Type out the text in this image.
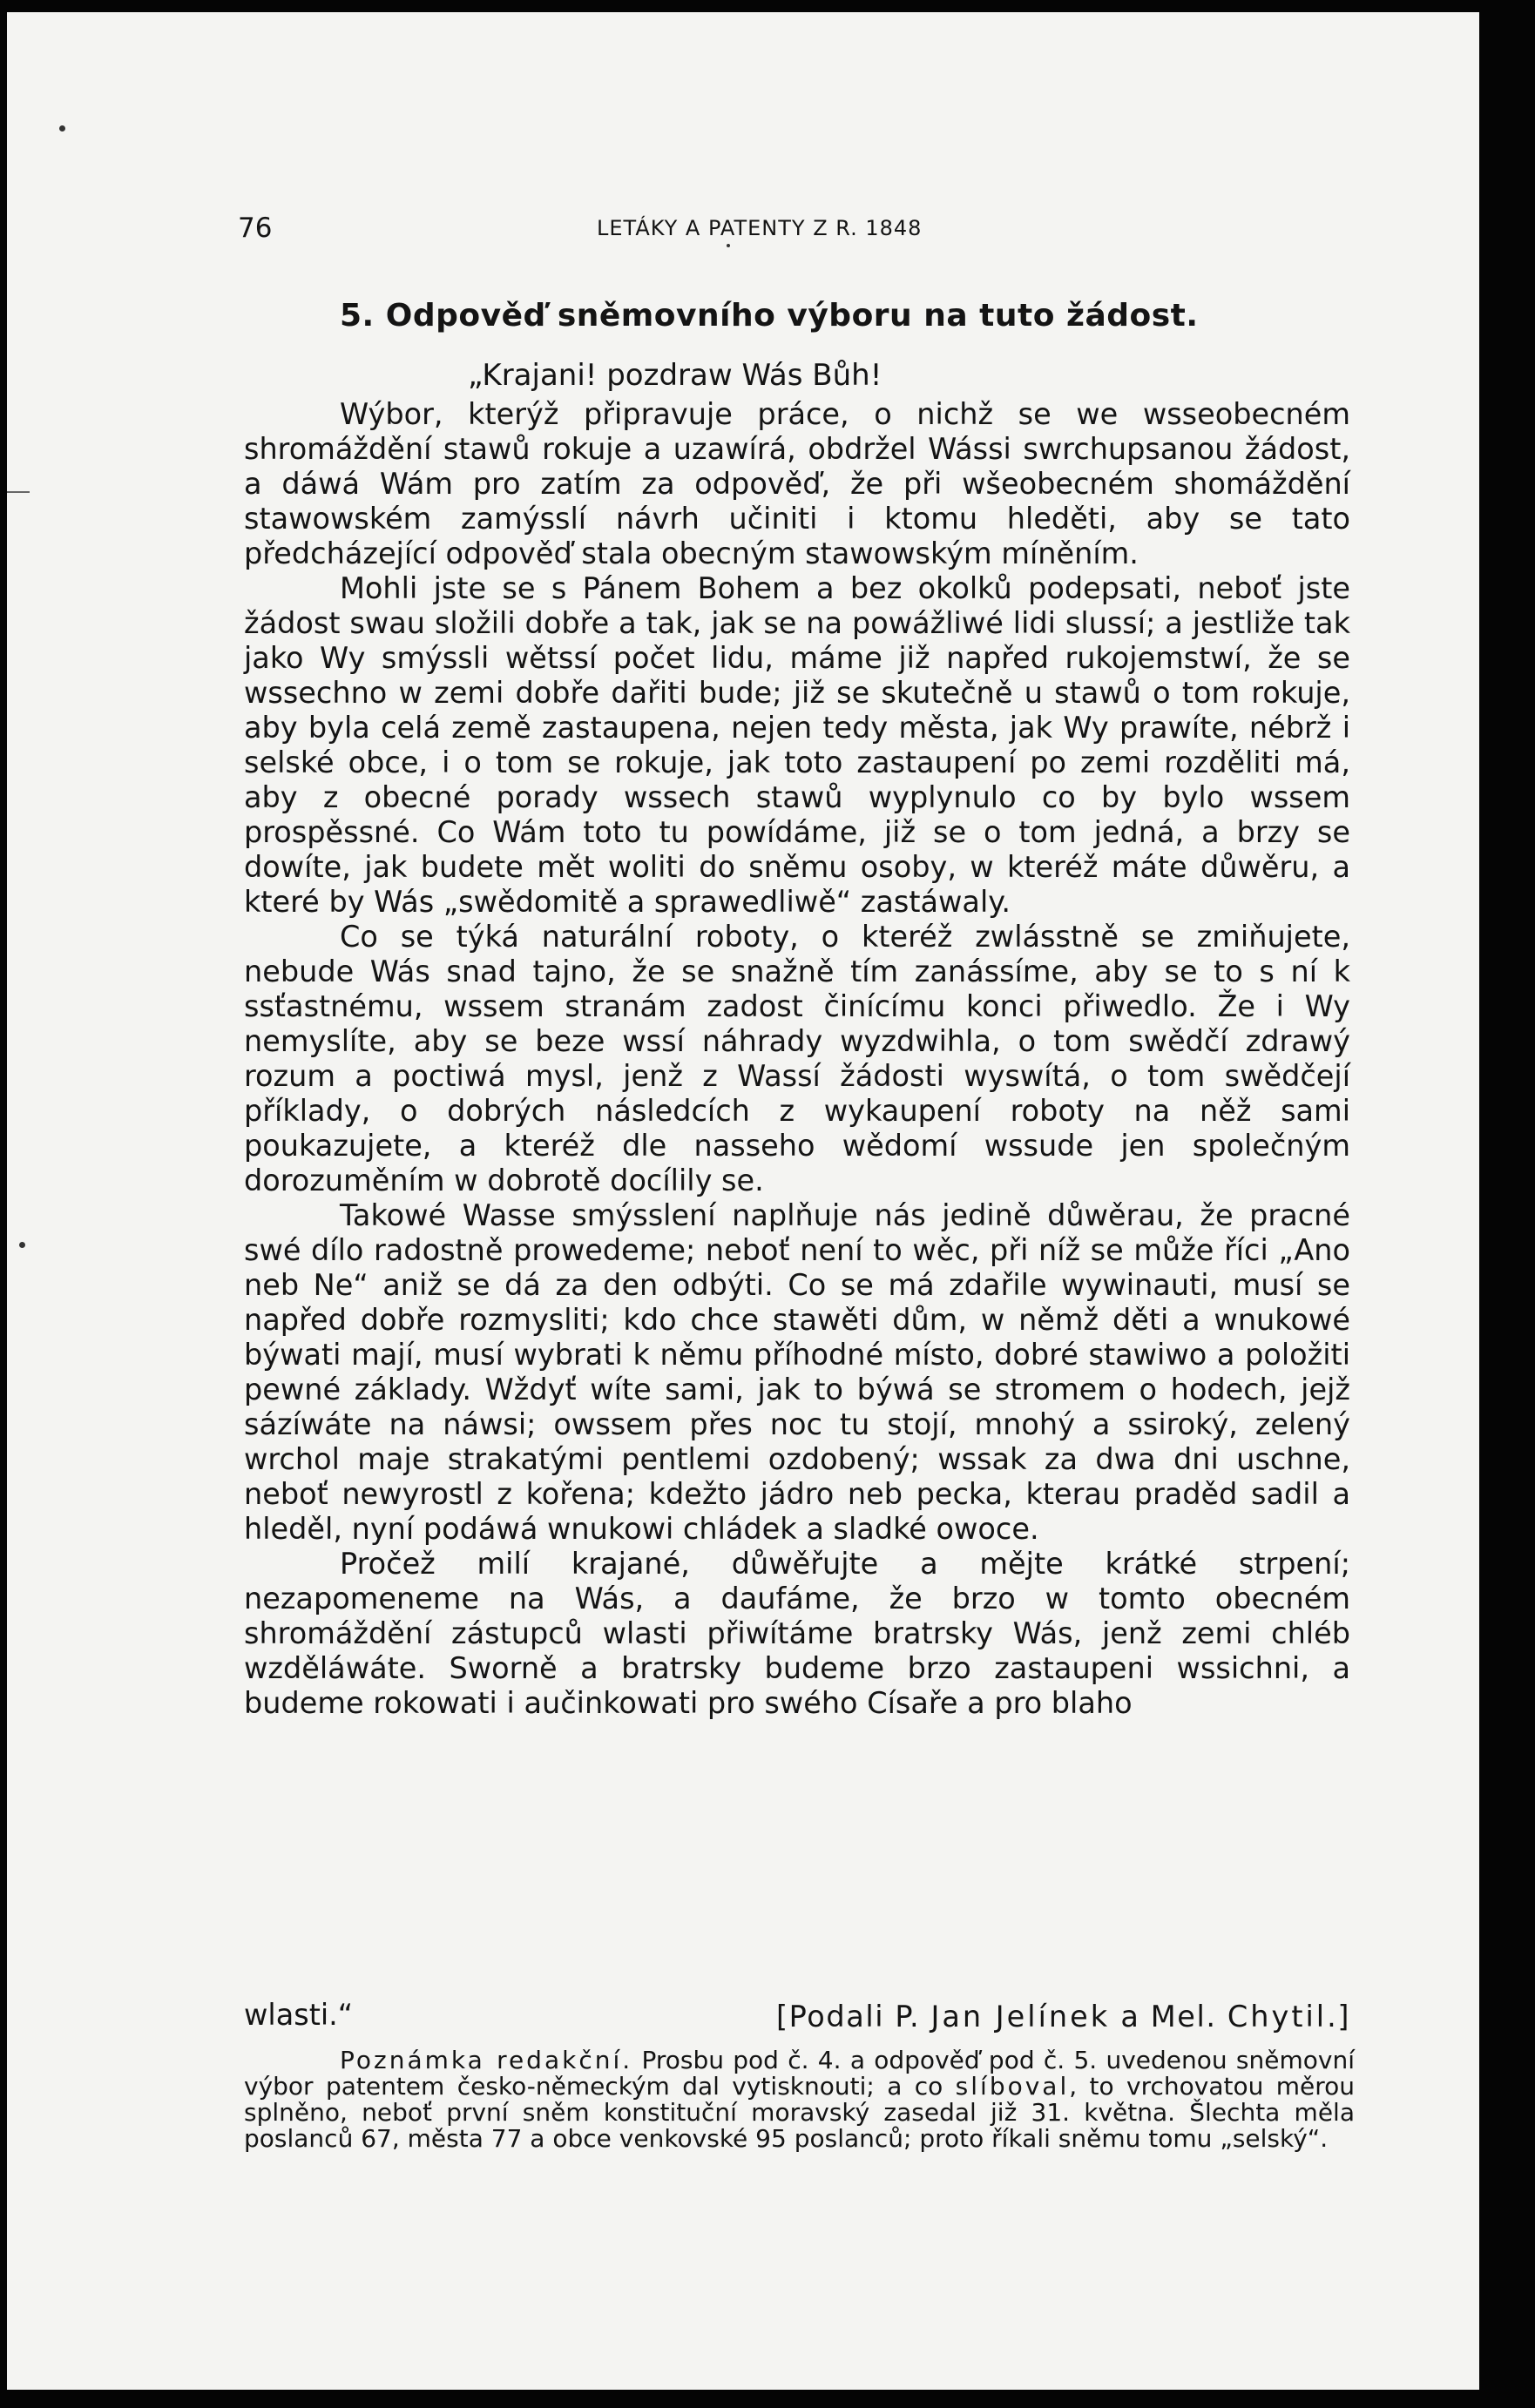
76	LETÁKY A PATENTY Z R. 1848
5. Odpověď sněmovního výboru na tuto žádost.
„Krajani! pozdraw Wás Bůh!

Wýbor, kterýž připravuje práce, o nichž se we wsseobecném shromáždění stawů rokuje a uzawírá, obdržel Wássi swrchupsanou žádost, a dáwá Wám pro zatím za odpověď, že při wšeobecném shomáždění stawowském zamýsslí návrh učiniti i ktomu hleděti, aby se tato předcházející odpověď stala obecným stawowským míněním.

Mohli jste se s Pánem Bohem a bez okolků podepsati, neboť jste žádost swau složili dobře a tak, jak se na powážliwé lidi slussí; a jestliže tak jako Wy smýssli wětssí počet lidu, máme již napřed rukojemstwí, že se wssechno w zemi dobře dařiti bude; již se skutečně u stawů o tom rokuje, aby byla celá země zastaupena, nejen tedy města, jak Wy prawíte, nébrž i selské obce, i o tom se rokuje, jak toto zastaupení po zemi rozděliti má, aby z obecné porady wssech stawů wyplynulo co by bylo wssem prospěssné. Co Wám toto tu powídáme, již se o tom jedná, a brzy se dowíte, jak budete mět woliti do sněmu osoby, w kteréž máte důwěru, a které by Wás „swědomitě a sprawedliwě“ zastáwaly.

Co se týká naturální roboty, o kteréž zwlásstně se zmiňujete, nebude Wás snad tajno, že se snažně tím zanássíme, aby se to s ní k ssťastnému, wssem stranám zadost činícímu konci přiwedlo. Že i Wy nemyslíte, aby se beze wssí náhrady wyzdwihla, o tom swědčí zdrawý rozum a poctiwá mysl, jenž z Wassí žádosti wyswítá, o tom swědčejí příklady, o dobrých následcích z wykaupení roboty na něž sami poukazujete, a kteréž dle nasseho wědomí wssude jen společným dorozuměním w dobrotě docílily se.

Takowé Wasse smýsslení naplňuje nás jedině důwěrau, že pracné swé dílo radostně prowedeme; neboť není to wěc, při níž se může říci „Ano neb Ne“ aniž se dá za den odbýti. Co se má zdařile wywinauti, musí se napřed dobře rozmysliti; kdo chce stawěti dům, w němž děti a wnukowé býwati mají, musí wybrati k němu příhodné místo, dobré stawiwo a položiti pewné základy. Wždyť wíte sami, jak to býwá se stromem o hodech, jejž sázíwáte na náwsi; owssem přes noc tu stojí, mnohý a ssiroký, zelený wrchol maje strakatými pentlemi ozdobený; wssak za dwa dni uschne, neboť newyrostl z kořena; kdežto jádro neb pecka, kterau praděd sadil a hleděl, nyní podáwá wnukowi chládek a sladké owoce.

Pročež milí krajané, důwěřujte a mějte krátké strpení; nezapomeneme na Wás, a daufáme, že brzo w tomto obecném shromáždění zástupců wlasti přiwítáme bratrsky Wás, jenž zemi chléb wzděláwáte. Sworně a bratrsky budeme brzo zastaupeni wssichni, a budeme rokowati i aučinkowati pro swého Císaře a pro blaho

wlasti.“	[Podali P. Jan Jelínek a Mel. Chytil.]

Poznámka redakční. Prosbu pod č. 4. a odpověď pod č. 5. uvedenou sněmovní výbor patentem česko-německým dal vytisknouti; a co slíboval, to vrchovatou měrou splněno, neboť první sněm konstituční moravský zasedal již 31. května. Šlechta měla poslanců 67, města 77 a obce venkovské 95 poslanců; proto říkali sněmu tomu „selský“.
